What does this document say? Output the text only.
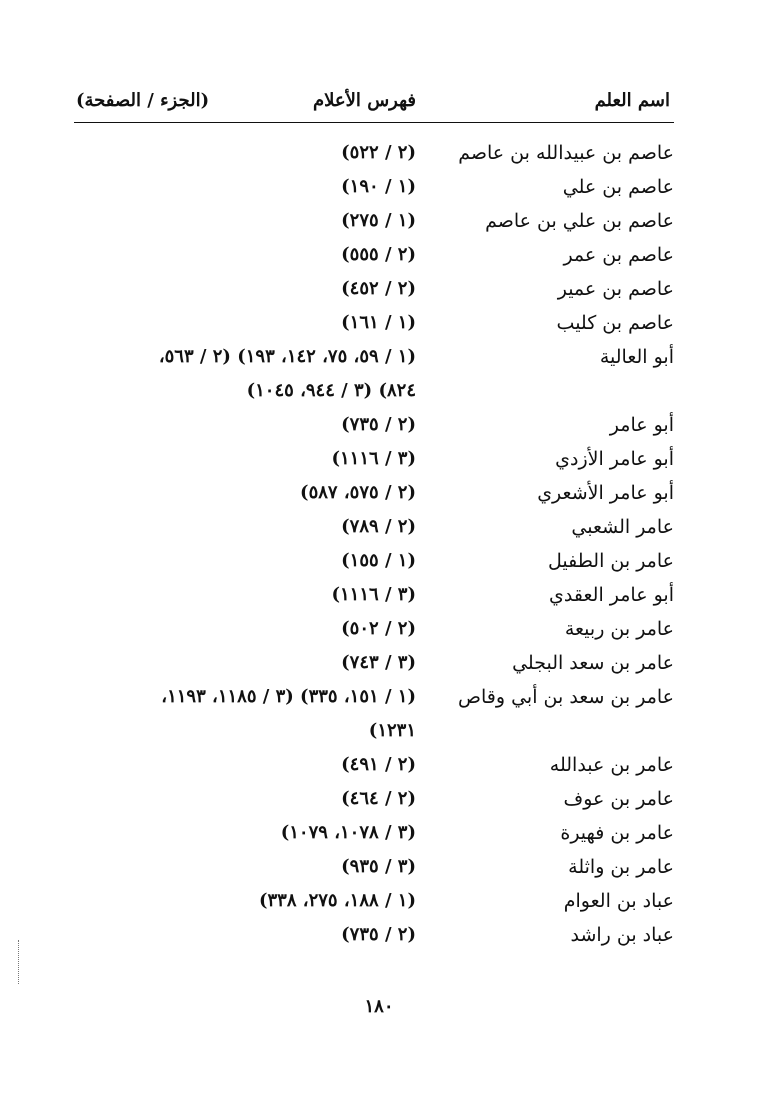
اسم العلم
فهرس الأعلام
(الجزء / الصفحة)
عاصم بن عبيدالله بن عاصم
(٢ / ٥٢٢)
عاصم بن علي
(١ / ١٩٠)
عاصم بن علي بن عاصم
(١ / ٢٧٥)
عاصم بن عمر
(٢ / ٥٥٥)
عاصم بن عمير
(٢ / ٤٥٢)
عاصم بن كليب
(١ / ١٦١)
أبو العالية
(١ / ٥٩، ٧٥، ١٤٢، ١٩٣) (٢ / ٥٦٣،
٨٢٤) (٣ / ٩٤٤، ١٠٤٥)
أبو عامر
(٢ / ٧٣٥)
أبو عامر الأزدي
(٣ / ١١١٦)
أبو عامر الأشعري
(٢ / ٥٧٥، ٥٨٧)
عامر الشعبي
(٢ / ٧٨٩)
عامر بن الطفيل
(١ / ١٥٥)
أبو عامر العقدي
(٣ / ١١١٦)
عامر بن ربيعة
(٢ / ٥٠٢)
عامر بن سعد البجلي
(٣ / ٧٤٣)
عامر بن سعد بن أبي وقاص
(١ / ١٥١، ٣٣٥) (٣ / ١١٨٥، ١١٩٣،
١٢٣١)
عامر بن عبدالله
(٢ / ٤٩١)
عامر بن عوف
(٢ / ٤٦٤)
عامر بن فهيرة
(٣ / ١٠٧٨، ١٠٧٩)
عامر بن واثلة
(٣ / ٩٣٥)
عباد بن العوام
(١ / ١٨٨، ٢٧٥، ٣٣٨)
عباد بن راشد
(٢ / ٧٣٥)
١٨٠
